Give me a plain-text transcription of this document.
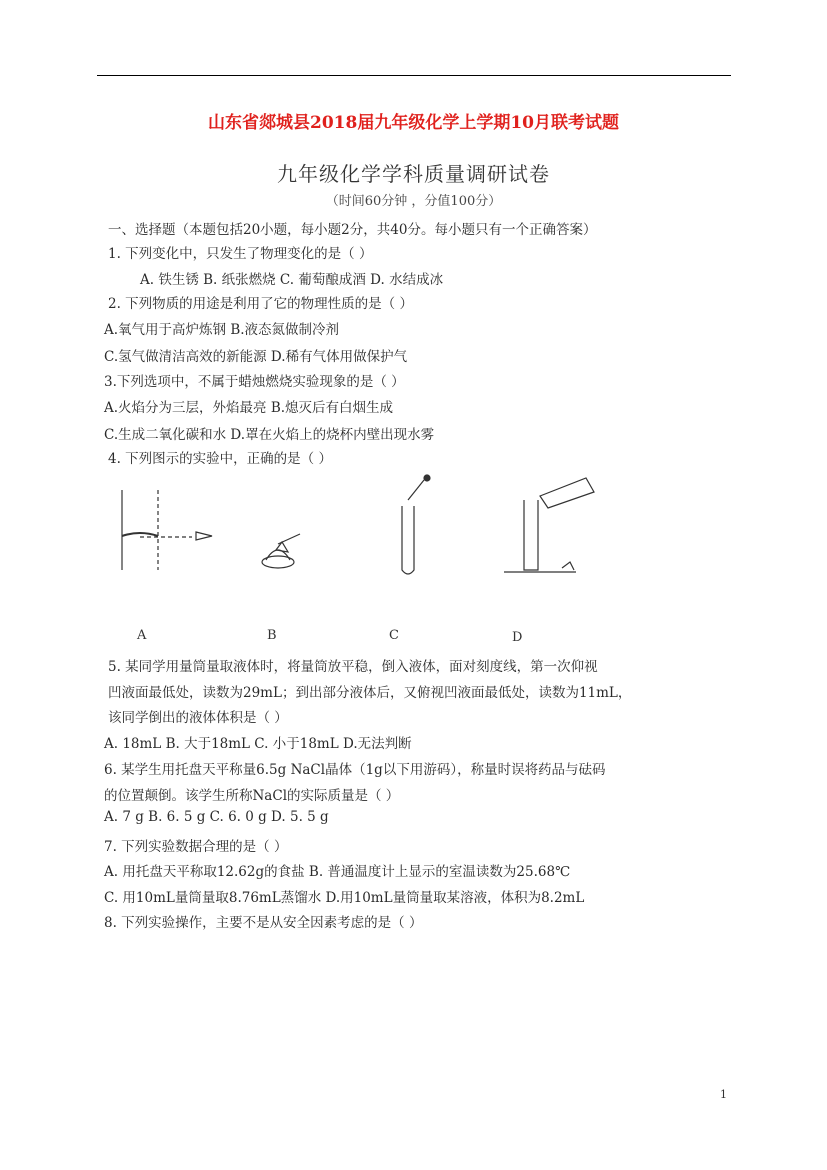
山东省郯城县2018届九年级化学上学期10月联考试题
九年级化学学科质量调研试卷
（时间60分钟 ，分值100分）
一、选择题（本题包括20小题，每小题2分，共40分。每小题只有一个正确答案）
1. 下列变化中，只发生了物理变化的是（ ）
A. 铁生锈 B. 纸张燃烧 C. 葡萄酿成酒 D. 水结成冰
2. 下列物质的用途是利用了它的物理性质的是（ ）
A.氧气用于高炉炼钢 B.液态氮做制冷剂
C.氢气做清洁高效的新能源 D.稀有气体用做保护气
3.下列选项中，不属于蜡烛燃烧实验现象的是（ ）
A.火焰分为三层，外焰最亮 B.熄灭后有白烟生成
C.生成二氧化碳和水 D.罩在火焰上的烧杯内壁出现水雾
4. 下列图示的实验中，正确的是（ ）
A	B	C	D
5. 某同学用量筒量取液体时，将量筒放平稳，倒入液体，面对刻度线，第一次仰视
凹液面最低处，读数为29mL；到出部分液体后，又俯视凹液面最低处，读数为11mL，
该同学倒出的液体体积是（ ）
A. 18mL B. 大于18mL C. 小于18mL D.无法判断
6. 某学生用托盘天平称量6.5g NaCl晶体（1g以下用游码），称量时误将药品与砝码
的位置颠倒。该学生所称NaCl的实际质量是（ ）
A. 7 g B. 6. 5 g C. 6. 0 g D. 5. 5 g
7. 下列实验数据合理的是（ ）
A. 用托盘天平称取12.62g的食盐 B. 普通温度计上显示的室温读数为25.68℃
C. 用10mL量筒量取8.76mL蒸馏水 D.用10mL量筒量取某溶液，体积为8.2mL
8. 下列实验操作，主要不是从安全因素考虑的是（ ）
1
